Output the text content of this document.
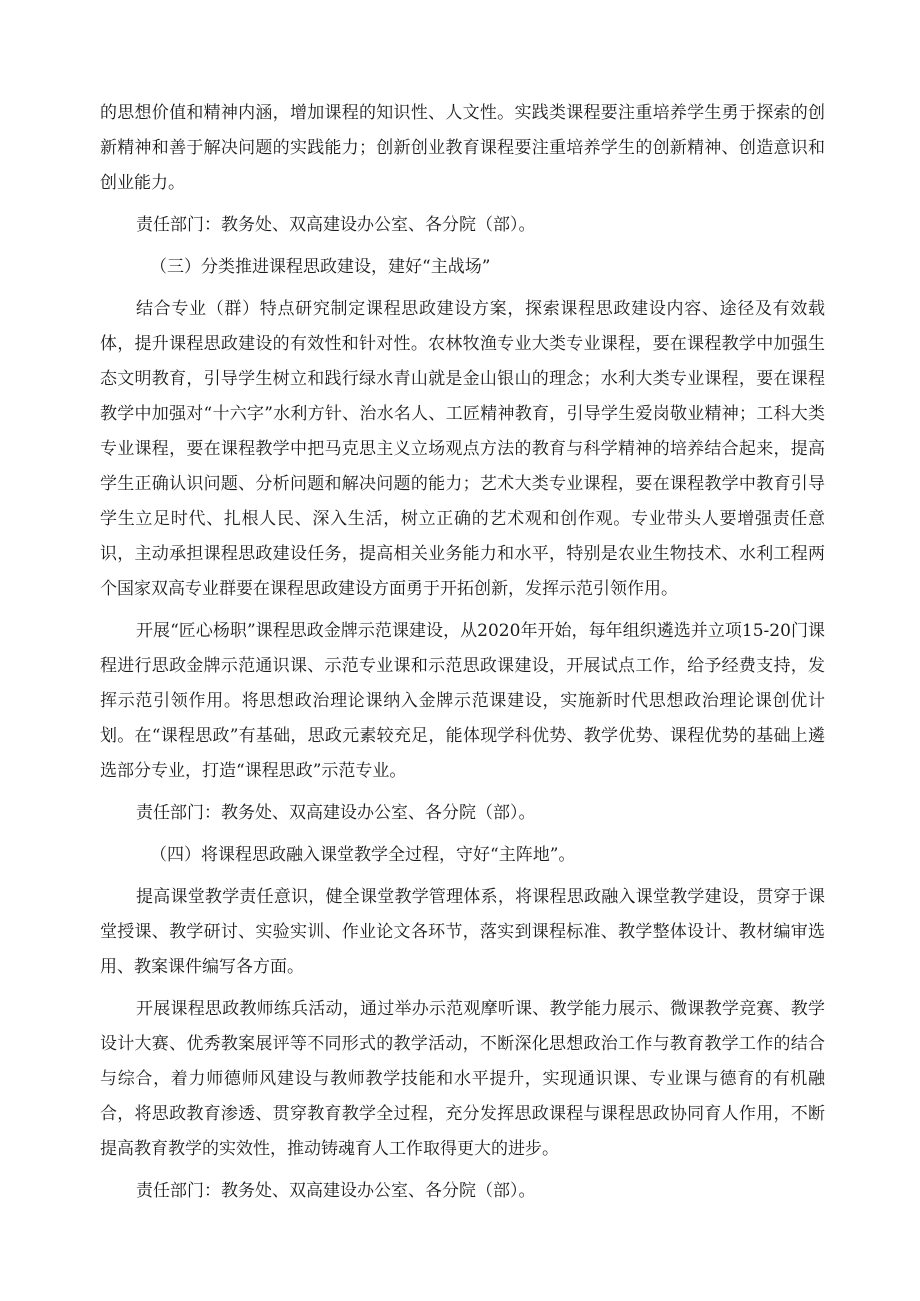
的思想价值和精神内涵，增加课程的知识性、人文性。实践类课程要注重培养学生勇于探索的创新精神和善于解决问题的实践能力；创新创业教育课程要注重培养学生的创新精神、创造意识和创业能力。

责任部门：教务处、双高建设办公室、各分院（部）。

（三）分类推进课程思政建设，建好“主战场”

结合专业（群）特点研究制定课程思政建设方案，探索课程思政建设内容、途径及有效载体，提升课程思政建设的有效性和针对性。农林牧渔专业大类专业课程，要在课程教学中加强生态文明教育，引导学生树立和践行绿水青山就是金山银山的理念；水利大类专业课程，要在课程教学中加强对“十六字”水利方针、治水名人、工匠精神教育，引导学生爱岗敬业精神；工科大类专业课程，要在课程教学中把马克思主义立场观点方法的教育与科学精神的培养结合起来，提高学生正确认识问题、分析问题和解决问题的能力；艺术大类专业课程，要在课程教学中教育引导学生立足时代、扎根人民、深入生活，树立正确的艺术观和创作观。专业带头人要增强责任意识，主动承担课程思政建设任务，提高相关业务能力和水平，特别是农业生物技术、水利工程两个国家双高专业群要在课程思政建设方面勇于开拓创新，发挥示范引领作用。

开展“匠心杨职”课程思政金牌示范课建设，从2020年开始，每年组织遴选并立项15-20门课程进行思政金牌示范通识课、示范专业课和示范思政课建设，开展试点工作，给予经费支持，发挥示范引领作用。将思想政治理论课纳入金牌示范课建设，实施新时代思想政治理论课创优计划。在“课程思政”有基础，思政元素较充足，能体现学科优势、教学优势、课程优势的基础上遴选部分专业，打造“课程思政”示范专业。

责任部门：教务处、双高建设办公室、各分院（部）。

（四）将课程思政融入课堂教学全过程，守好“主阵地”。

提高课堂教学责任意识，健全课堂教学管理体系，将课程思政融入课堂教学建设，贯穿于课堂授课、教学研讨、实验实训、作业论文各环节，落实到课程标准、教学整体设计、教材编审选用、教案课件编写各方面。

开展课程思政教师练兵活动，通过举办示范观摩听课、教学能力展示、微课教学竞赛、教学设计大赛、优秀教案展评等不同形式的教学活动，不断深化思想政治工作与教育教学工作的结合与综合，着力师德师风建设与教师教学技能和水平提升，实现通识课、专业课与德育的有机融合，将思政教育渗透、贯穿教育教学全过程，充分发挥思政课程与课程思政协同育人作用，不断提高教育教学的实效性，推动铸魂育人工作取得更大的进步。

责任部门：教务处、双高建设办公室、各分院（部）。
